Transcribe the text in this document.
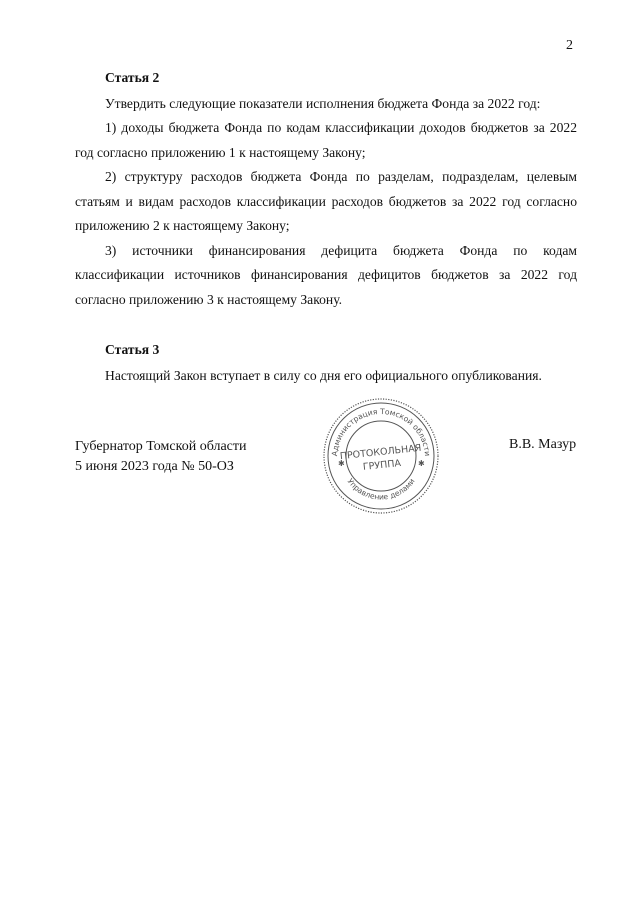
2

Статья 2

Утвердить следующие показатели исполнения бюджета Фонда за 2022 год:

1) доходы бюджета Фонда по кодам классификации доходов бюджетов за 2022 год согласно приложению 1 к настоящему Закону;

2) структуру расходов бюджета Фонда по разделам, подразделам, целевым статьям и видам расходов классификации расходов бюджетов за 2022 год согласно приложению 2 к настоящему Закону;

3) источники финансирования дефицита бюджета Фонда по кодам классификации источников финансирования дефицитов бюджетов за 2022 год согласно приложению 3 к настоящему Закону.

Статья 3

Настоящий Закон вступает в силу со дня его официального опубликования.

Губернатор Томской области
5 июня 2023 года № 50-ОЗ
В.В. Мазур
Администрация Томской области
Управление делами
✱	✱
ПРОТОКОЛЬНАЯ
ГРУППА
